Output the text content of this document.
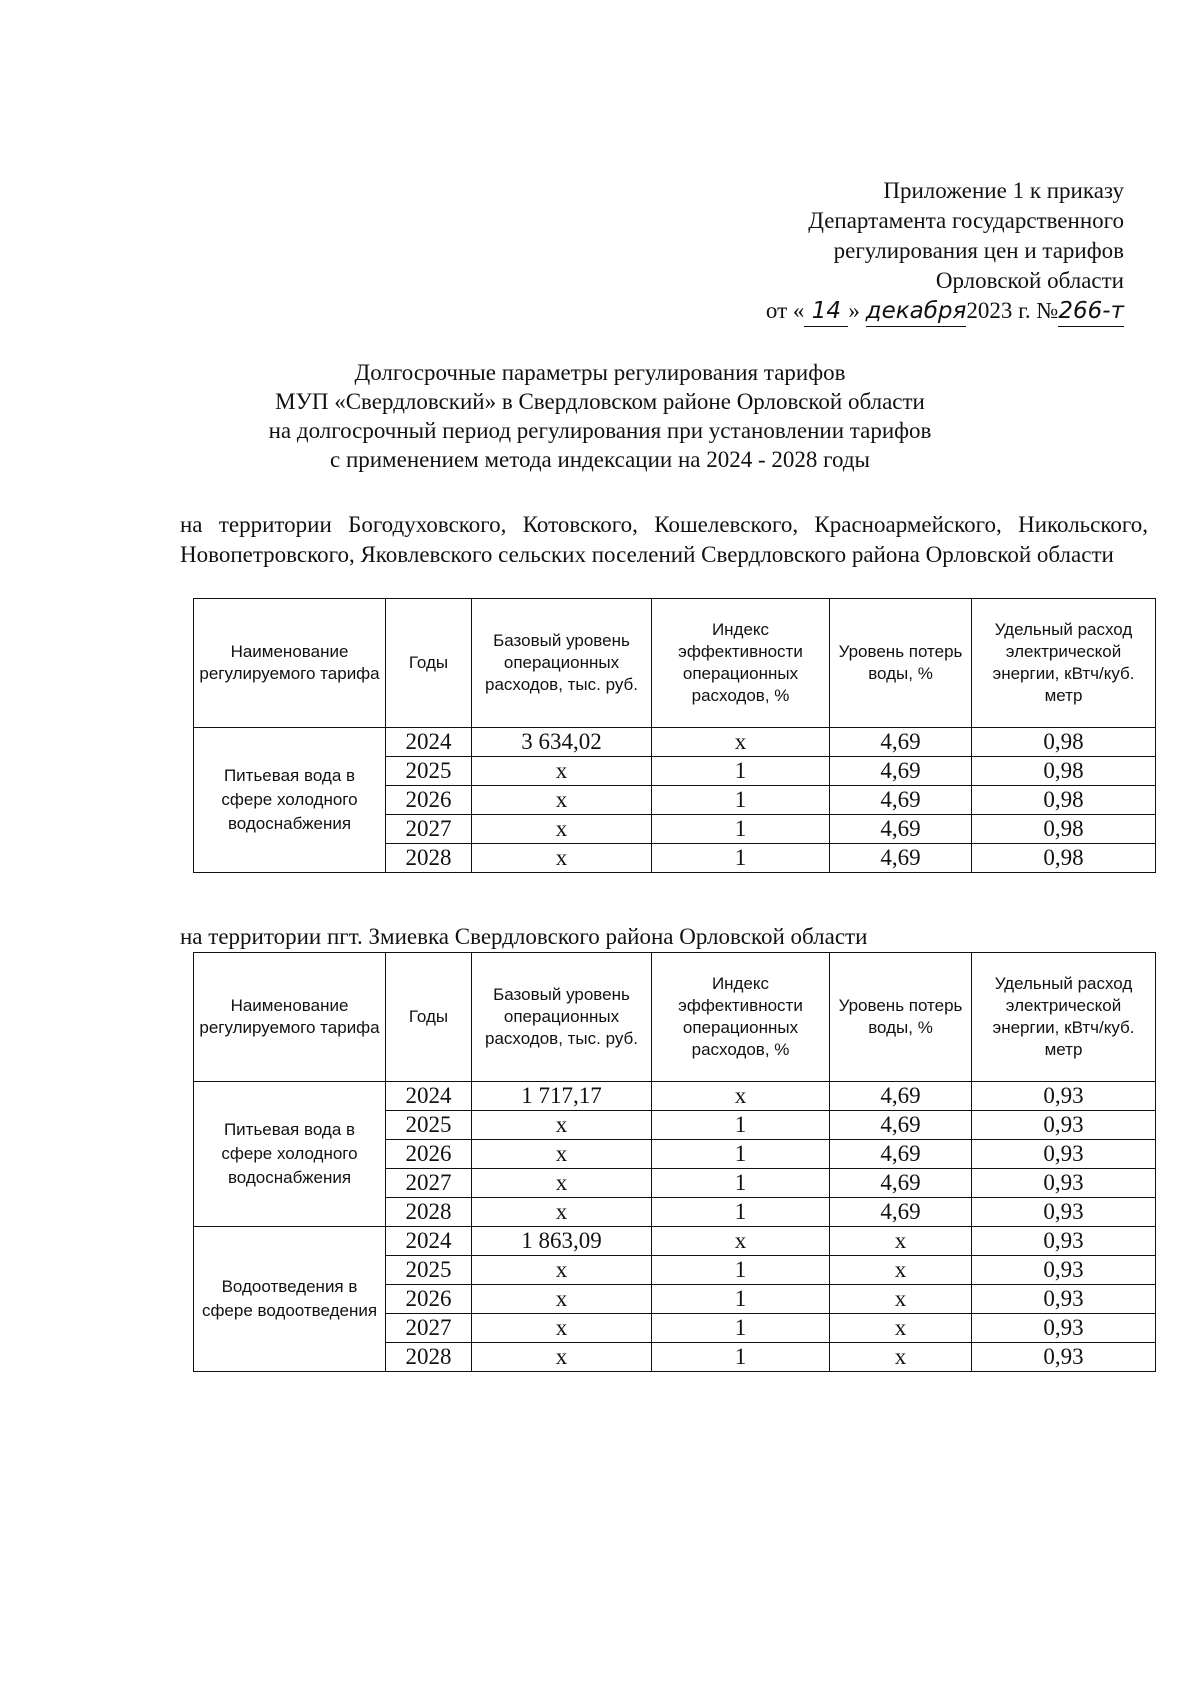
Приложение 1 к приказу
Департамента государственного
регулирования цен и тарифов
Орловской области
от « 14 » декабря2023 г. №266-т
Долгосрочные параметры регулирования тарифов
МУП «Свердловский» в Свердловском районе Орловской области
на долгосрочный период регулирования при установлении тарифов
с применением метода индексации на 2024 - 2028 годы
на территории Богодуховского, Котовского, Кошелевского, Красноармейского, Никольского, Новопетровского, Яковлевского сельских поселений Свердловского района Орловской области
Наименование регулируемого тарифа	Годы	Базовый уровень операционных расходов, тыс. руб.	Индекс эффективности операционных расходов, %	Уровень потерь воды, %	Удельный расход электрической энергии, кВтч/куб. метр
Питьевая вода в сфере холодного водоснабжения	2024	3 634,02	х	4,69	0,98
	2025	х	1	4,69	0,98
	2026	х	1	4,69	0,98
	2027	х	1	4,69	0,98
	2028	х	1	4,69	0,98
на территории пгт. Змиевка Свердловского района Орловской области
Наименование регулируемого тарифа	Годы	Базовый уровень операционных расходов, тыс. руб.	Индекс эффективности операционных расходов, %	Уровень потерь воды, %	Удельный расход электрической энергии, кВтч/куб. метр
Питьевая вода в сфере холодного водоснабжения	2024	1 717,17	х	4,69	0,93
	2025	х	1	4,69	0,93
	2026	х	1	4,69	0,93
	2027	х	1	4,69	0,93
	2028	х	1	4,69	0,93
Водоотведения в сфере водоотведения	2024	1 863,09	х	х	0,93
	2025	х	1	х	0,93
	2026	х	1	х	0,93
	2027	х	1	х	0,93
	2028	х	1	х	0,93
